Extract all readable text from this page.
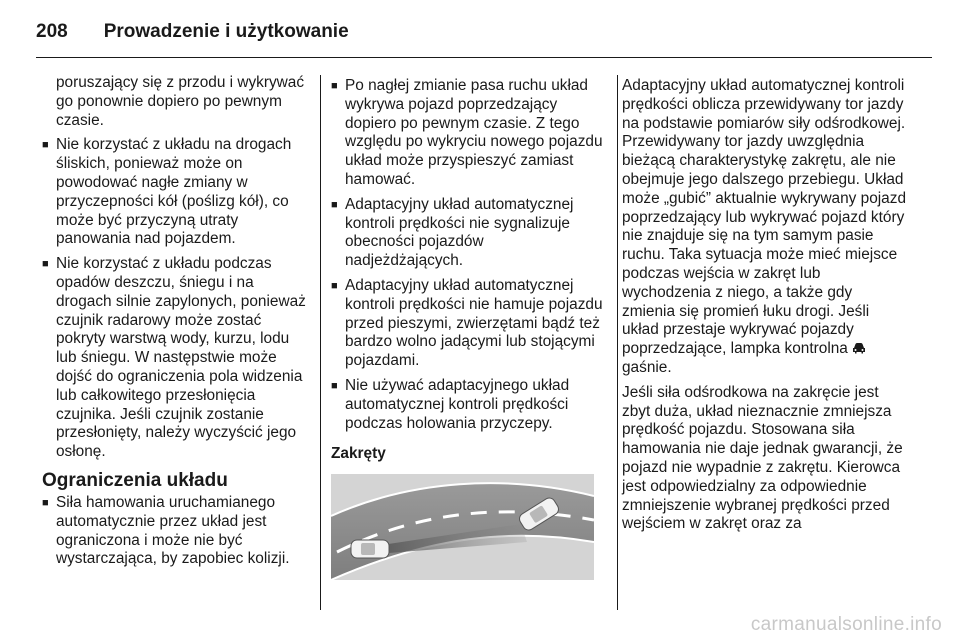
208 Prowadzenie i użytkowanie

poruszający się z przodu i wykrywać go ponownie dopiero po pewnym czasie.

■ Nie korzystać z układu na drogach śliskich, ponieważ może on powodować nagłe zmiany w przyczepności kół (poślizg kół), co może być przyczyną utraty panowania nad pojazdem.
■ Nie korzystać z układu podczas opadów deszczu, śniegu i na drogach silnie zapylonych, ponieważ czujnik radarowy może zostać pokryty warstwą wody, kurzu, lodu lub śniegu. W następstwie może dojść do ograniczenia pola widzenia lub całkowitego przesłonięcia czujnika. Jeśli czujnik zostanie przesłonięty, należy wyczyścić jego osłonę.
Ograniczenia układu
■ Siła hamowania uruchamianego automatycznie przez układ jest ograniczona i może nie być wystarczająca, by zapobiec kolizji.
■ Po nagłej zmianie pasa ruchu układ wykrywa pojazd poprzedzający dopiero po pewnym czasie. Z tego względu po wykryciu nowego pojazdu układ może przyspieszyć zamiast hamować.
■ Adaptacyjny układ automatycznej kontroli prędkości nie sygnalizuje obecności pojazdów nadjeżdżających.
■ Adaptacyjny układ automatycznej kontroli prędkości nie hamuje pojazdu przed pieszymi, zwierzętami bądź też bardzo wolno jadącymi lub stojącymi pojazdami.
■ Nie używać adaptacyjnego układ automatycznej kontroli prędkości podczas holowania przyczepy.
Zakręty

Adaptacyjny układ automatycznej kontroli prędkości oblicza przewidywany tor jazdy na podstawie pomiarów siły odśrodkowej. Przewidywany tor jazdy uwzględnia bieżącą charakterystykę zakrętu, ale nie obejmuje jego dalszego przebiegu. Układ może „gubić” aktualnie wykrywany pojazd poprzedzający lub wykrywać pojazd który nie znajduje się na tym samym pasie ruchu. Taka sytuacja może mieć miejsce podczas wejścia w zakręt lub wychodzenia z niego, a także gdy zmienia się promień łuku drogi. Jeśli układ przestaje wykrywać pojazdy poprzedzające, lampka kontrolna  gaśnie.

Jeśli siła odśrodkowa na zakręcie jest zbyt duża, układ nieznacznie zmniejsza prędkość pojazdu. Stosowana siła hamowania nie daje jednak gwarancji, że pojazd nie wypadnie z zakrętu. Kierowca jest odpowiedzialny za odpowiednie zmniejszenie wybranej prędkości przed wejściem w zakręt oraz za

carmanualsonline.info
